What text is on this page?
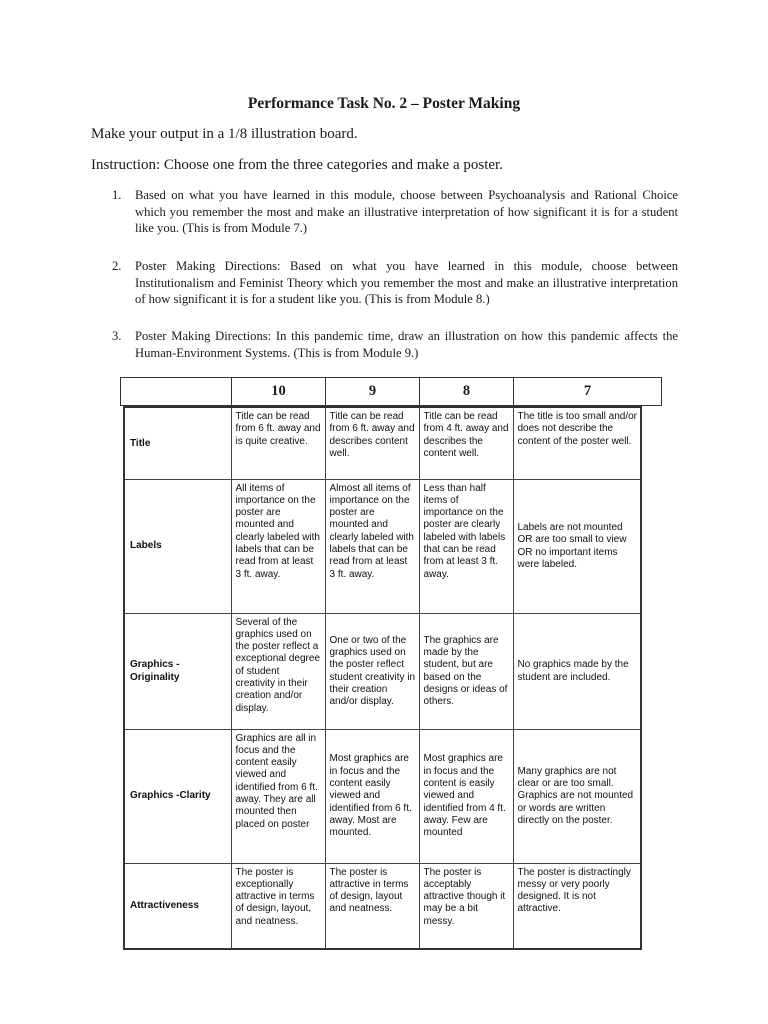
Performance Task No. 2 – Poster Making
Make your output in a 1/8 illustration board.
Instruction: Choose one from the three categories and make a poster.
1. Based on what you have learned in this module, choose between Psychoanalysis and Rational Choice which you remember the most and make an illustrative interpretation of how significant it is for a student like you. (This is from Module 7.)
2. Poster Making Directions: Based on what you have learned in this module, choose between Institutionalism and Feminist Theory which you remember the most and make an illustrative interpretation of how significant it is for a student like you. (This is from Module 8.)
3. Poster Making Directions: In this pandemic time, draw an illustration on how this pandemic affects the Human-Environment Systems. (This is from Module 9.)
	10	9	8	7
Title	Title can be read from 6 ft. away and is quite creative.	Title can be read from 6 ft. away and describes content well.	Title can be read from 4 ft. away and describes the content well.	The title is too small and/or does not describe the content of the poster well.
Labels	All items of importance on the poster are mounted and clearly labeled with labels that can be read from at least 3 ft. away.	Almost all items of importance on the poster are mounted and clearly labeled with labels that can be read from at least 3 ft. away.	Less than half items of importance on the poster are clearly labeled with labels that can be read from at least 3 ft. away.	Labels are not mounted OR are too small to view OR no important items were labeled.
Graphics - Originality	Several of the graphics used on the poster reflect a exceptional degree of student creativity in their creation and/or display.	One or two of the graphics used on the poster reflect student creativity in their creation and/or display.	The graphics are made by the student, but are based on the designs or ideas of others.	No graphics made by the student are included.
Graphics -Clarity	Graphics are all in focus and the content easily viewed and identified from 6 ft. away. They are all mounted then placed on poster	Most graphics are in focus and the content easily viewed and identified from 6 ft. away. Most are mounted.	Most graphics are in focus and the content is easily viewed and identified from 4 ft. away. Few are mounted	Many graphics are not clear or are too small. Graphics are not mounted or words are written directly on the poster.
Attractiveness	The poster is exceptionally attractive in terms of design, layout, and neatness.	The poster is attractive in terms of design, layout and neatness.	The poster is acceptably attractive though it may be a bit messy.	The poster is distractingly messy or very poorly designed. It is not attractive.
